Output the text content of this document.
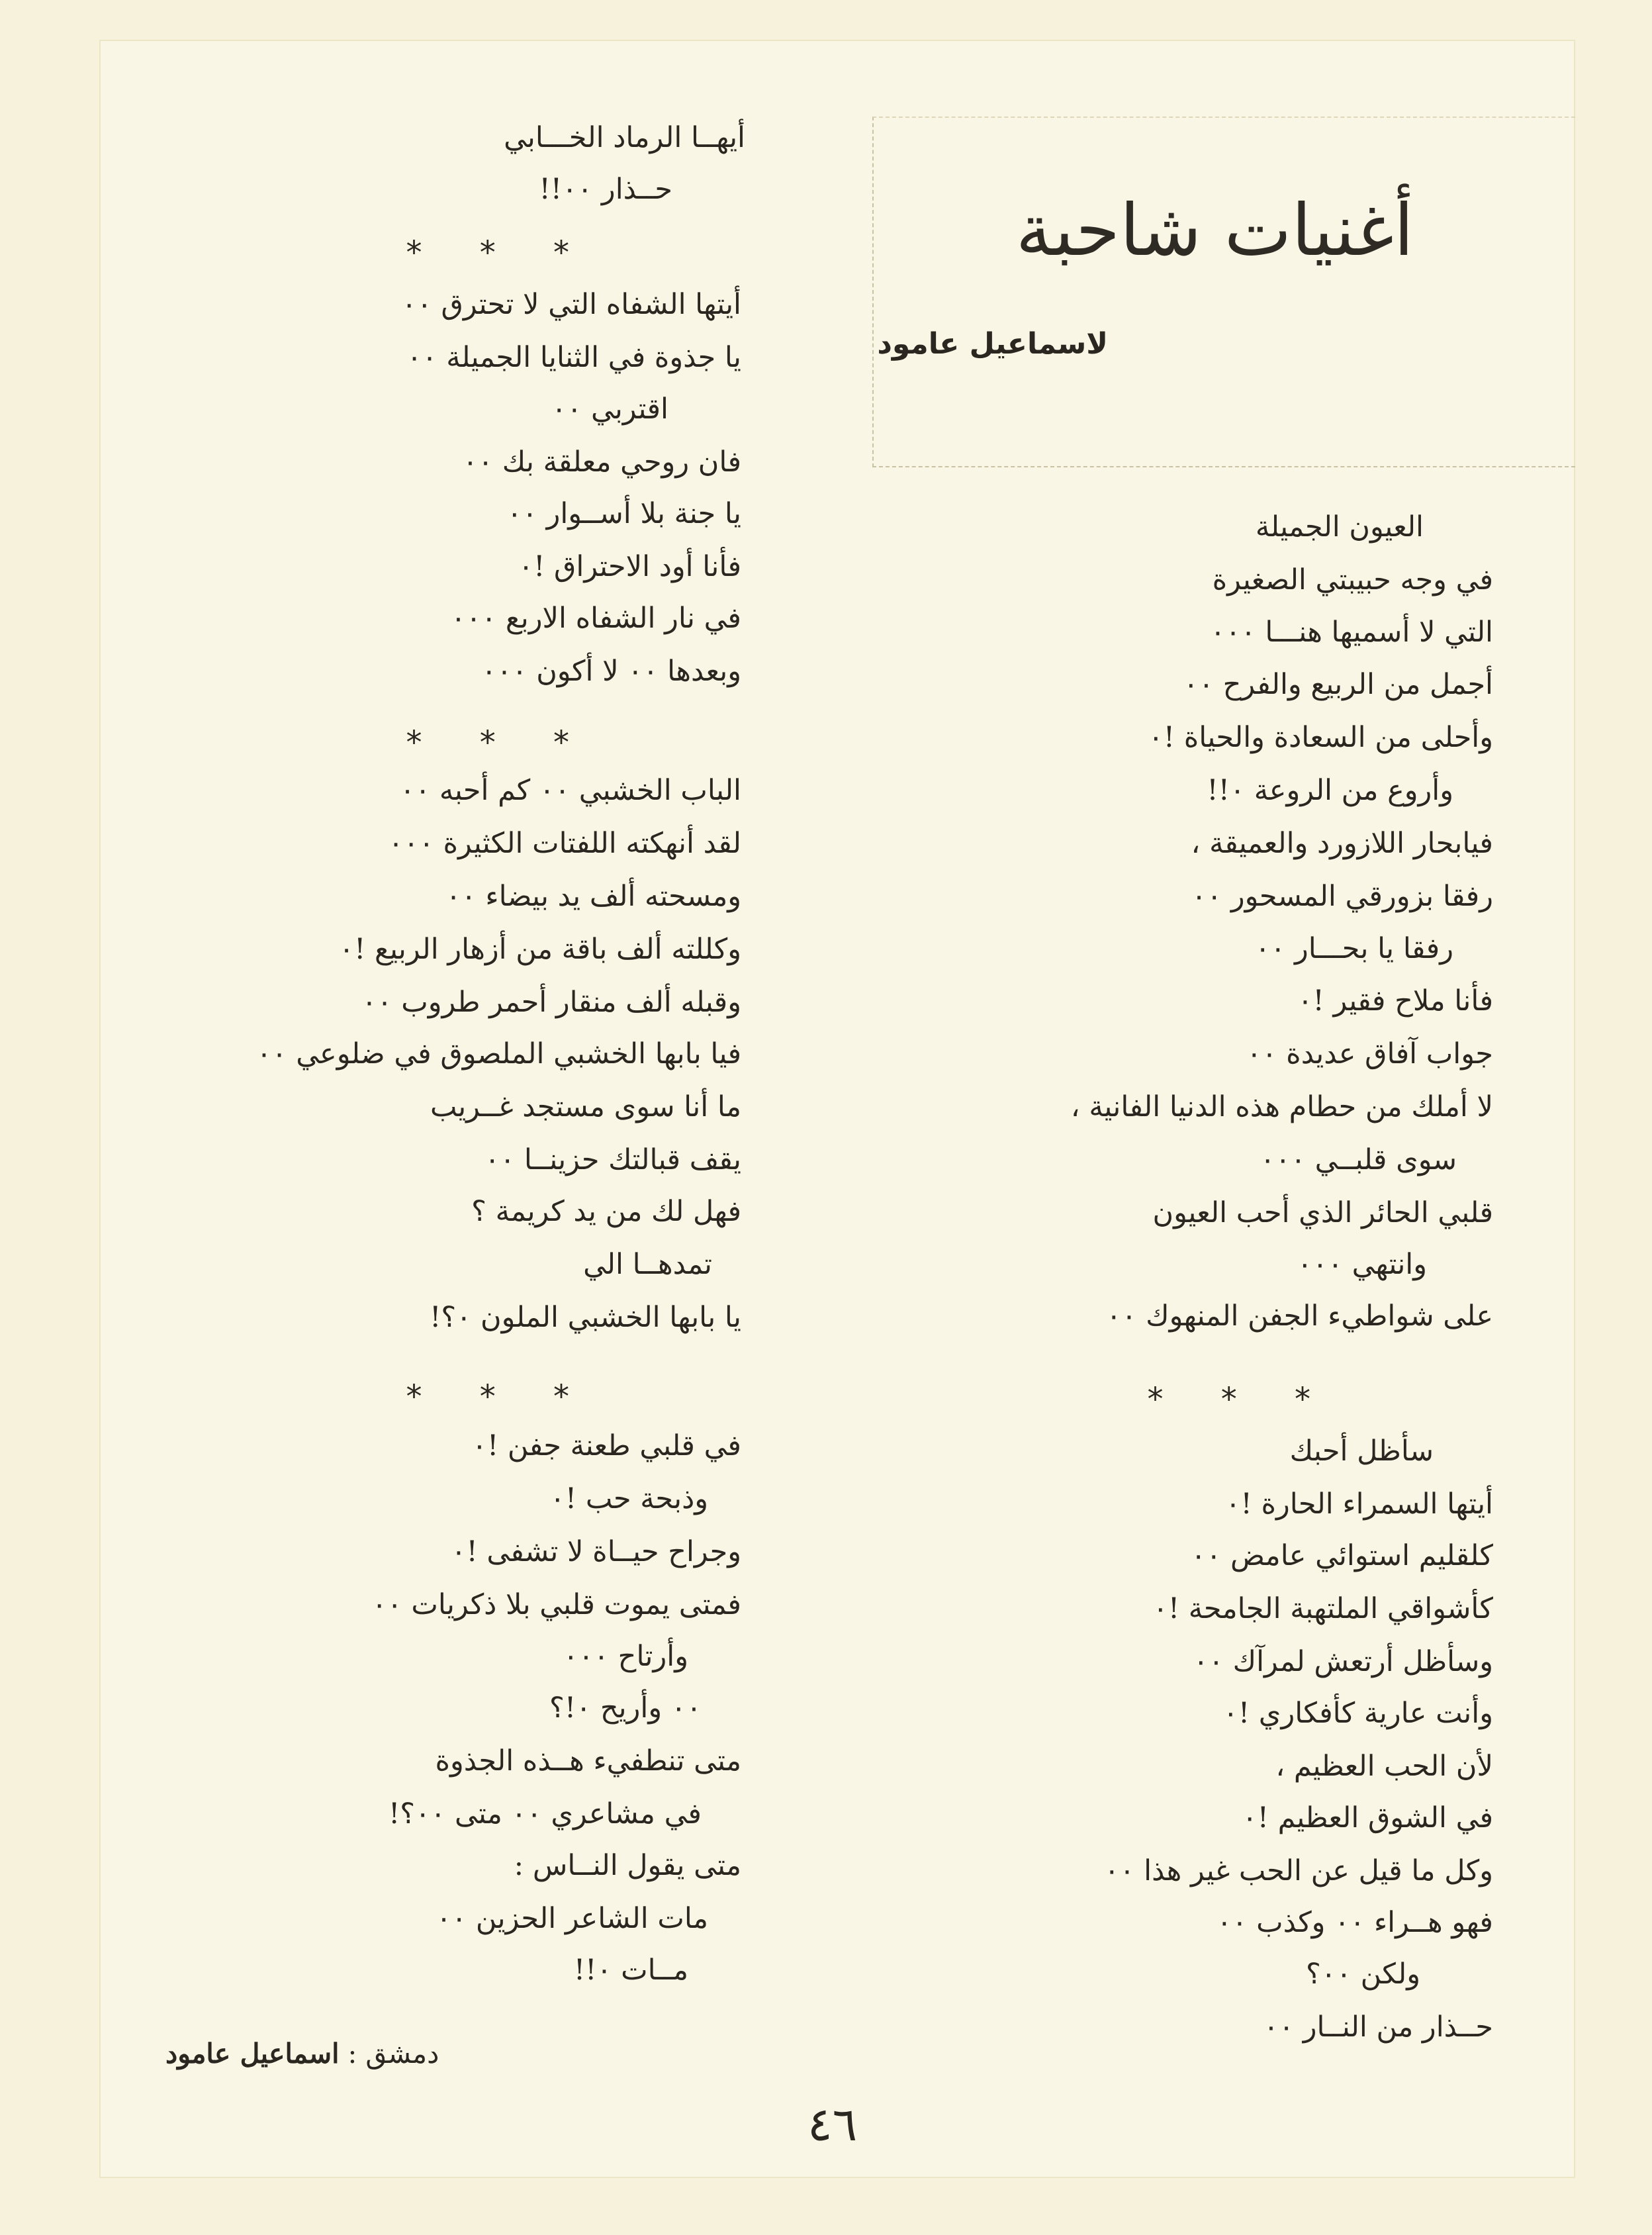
أغنيات شاحبة
لاسماعيل عامود
العيون الجميلة
في وجه حبيبتي الصغيرة
التي لا أسميها هنـــا ٠٠٠
أجمل من الربيع والفرح ٠٠
وأحلى من السعادة والحياة !٠
وأروع من الروعة ٠!!
فيابحار اللازورد والعميقة ،
رفقا بزورقي المسحور ٠٠
رفقا يا بحـــار ٠٠
فأنا ملاح فقير !٠
جواب آفاق عديدة ٠٠
لا أملك من حطام هذه الدنيا الفانية ،
سوى قلبــي ٠٠٠
قلبي الحائر الذي أحب العيون
وانتهي ٠٠٠
على شواطيء الجفن المنهوك ٠٠
* * *
سأظل أحبك
أيتها السمراء الحارة !٠
كلقليم استوائي عامض ٠٠
كأشواقي الملتهبة الجامحة !٠
وسأظل أرتعش لمرآك ٠٠
وأنت عارية كأفكاري !٠
لأن الحب العظيم ،
في الشوق العظيم !٠
وكل ما قيل عن الحب غير هذا ٠٠
فهو هــراء ٠٠ وكذب ٠٠
ولكن ٠٠؟
حــذار من النــار ٠٠
أيهــا الرماد الخـــابي
حــذار ٠٠!!
* * *
أيتها الشفاه التي لا تحترق ٠٠
يا جذوة في الثنايا الجميلة ٠٠
اقتربي ٠٠
فان روحي معلقة بك ٠٠
يا جنة بلا أســوار ٠٠
فأنا أود الاحتراق !٠
في نار الشفاه الاربع ٠٠٠
وبعدها ٠٠ لا أكون ٠٠٠
* * *
الباب الخشبي ٠٠ كم أحبه ٠٠
لقد أنهكته اللفتات الكثيرة ٠٠٠
ومسحته ألف يد بيضاء ٠٠
وكللته ألف باقة من أزهار الربيع !٠
وقبله ألف منقار أحمر طروب ٠٠
فيا بابها الخشبي الملصوق في ضلوعي ٠٠
ما أنا سوى مستجد غــريب
يقف قبالتك حزينــا ٠٠
فهل لك من يد كريمة ؟
تمدهــا الي
يا بابها الخشبي الملون ٠؟!
* * *
في قلبي طعنة جفن !٠
وذبحة حب !٠
وجراح حيــاة لا تشفى !٠
فمتى يموت قلبي بلا ذكريات ٠٠
وأرتاح ٠٠٠
٠٠ وأريح ٠!؟
متى تنطفيء هــذه الجذوة
في مشاعري ٠٠ متى ٠٠؟!
متى يقول النــاس :
مات الشاعر الحزين ٠٠
مــات ٠!!
دمشق : اسماعيل عامود
٤٦
